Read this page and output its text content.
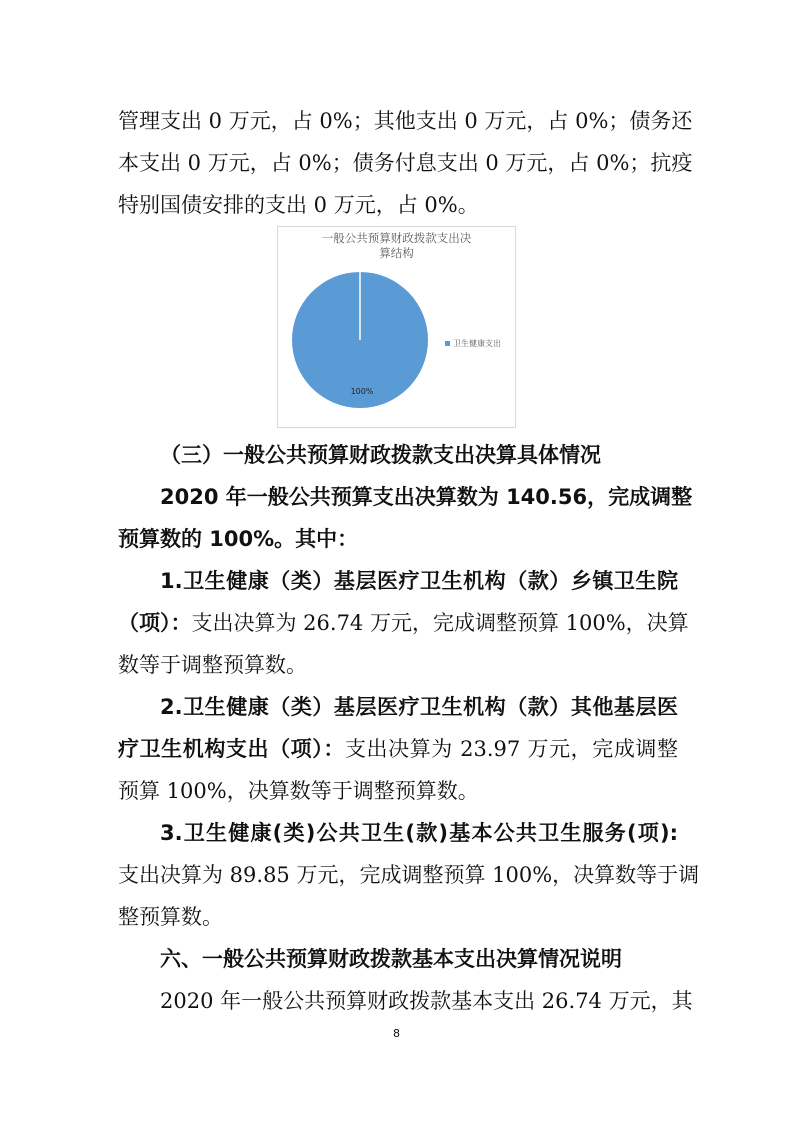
管理支出 0 万元，占 0%；其他支出 0 万元，占 0%；债务还
本支出 0 万元，占 0%；债务付息支出 0 万元，占 0%；抗疫
特别国债安排的支出 0 万元，占 0%。
一般公共预算财政拨款支出决算结构
100%
卫生健康支出
（三）一般公共预算财政拨款支出决算具体情况
2020 年一般公共预算支出决算数为 140.56，完成调整
预算数的 100%。其中：
1.卫生健康（类）基层医疗卫生机构（款）乡镇卫生院
（项）：支出决算为 26.74 万元，完成调整预算 100%，决算
数等于调整预算数。
2.卫生健康（类）基层医疗卫生机构（款）其他基层医
疗卫生机构支出（项）：支出决算为 23.97 万元，完成调整
预算 100%，决算数等于调整预算数。
3.卫生健康(类)公共卫生(款)基本公共卫生服务(项):
支出决算为 89.85 万元，完成调整预算 100%，决算数等于调
整预算数。
六、一般公共预算财政拨款基本支出决算情况说明
2020 年一般公共预算财政拨款基本支出 26.74 万元，其
8
